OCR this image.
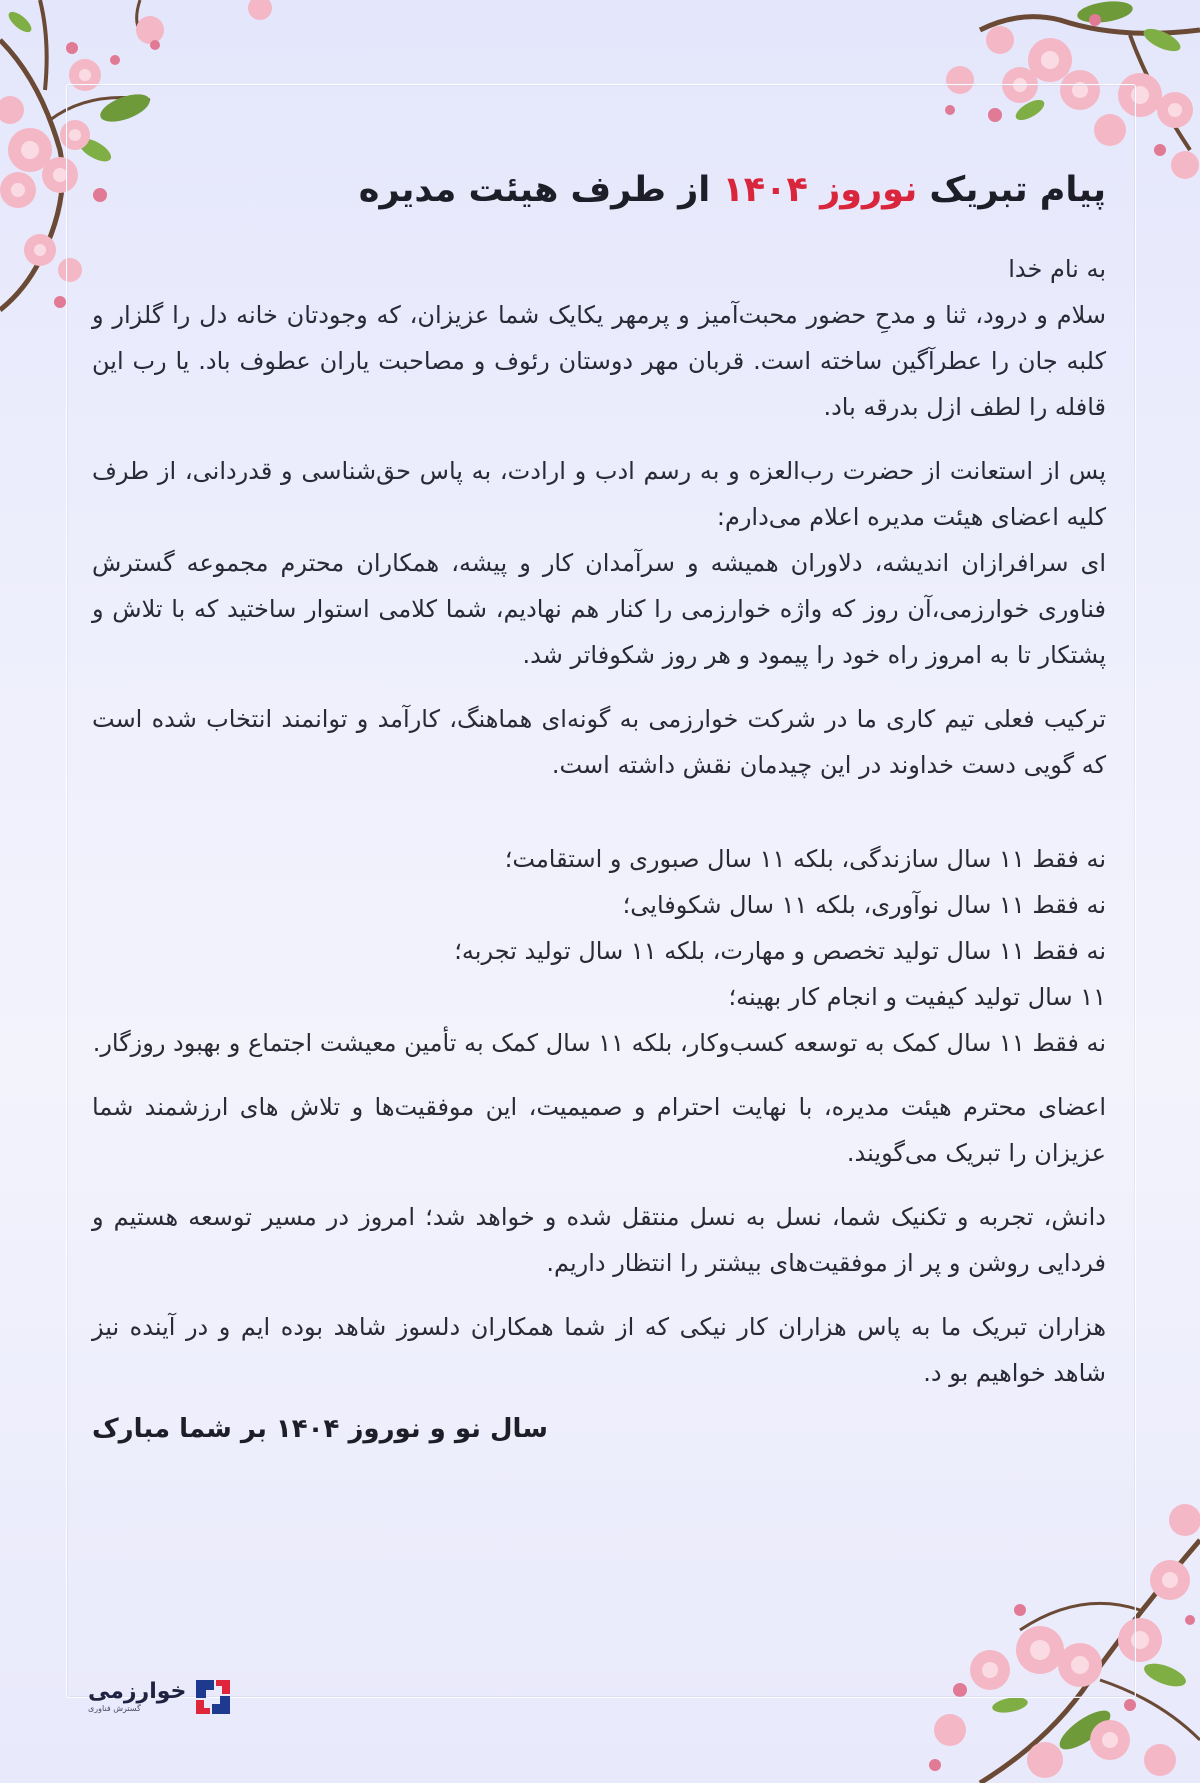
پیام تبریک نوروز ۱۴۰۴ از طرف هیئت مدیره

به نام خدا

سلام و درود، ثنا و مدحِ حضور محبت‌آمیز و پرمهر یکایک شما عزیزان، که وجودتان خانه دل را گلزار و کلبه جان را عطرآگین ساخته است. قربان مهر دوستان رئوف و مصاحبت یاران عطوف باد. یا رب این قافله را لطف ازل بدرقه باد.

پس از استعانت از حضرت رب‌العزه و به رسم ادب و ارادت، به پاس حق‌شناسی و قدردانی، از طرف کلیه اعضای هیئت مدیره اعلام می‌دارم:

ای سرافرازان اندیشه، دلاوران همیشه و سرآمدان کار و پیشه، همکاران محترم مجموعه گسترش فناوری خوارزمی،آن روز که واژه خوارزمی را کنار هم نهادیم، شما کلامی استوار ساختید که با تلاش و پشتکار تا به امروز راه خود را پیمود و هر روز شکوفاتر شد.

ترکیب فعلی تیم کاری ما در شرکت خوارزمی به گونه‌ای هماهنگ، کارآمد و توانمند انتخاب شده است که گویی دست خداوند در این چیدمان نقش داشته است.

نه فقط ۱۱ سال سازندگی، بلکه ۱۱ سال صبوری و استقامت؛

نه فقط ۱۱ سال نوآوری، بلکه ۱۱ سال شکوفایی؛

نه فقط ۱۱ سال تولید تخصص و مهارت، بلکه ۱۱ سال تولید تجربه؛

۱۱ سال تولید کیفیت و انجام کار بهینه؛

نه فقط ۱۱ سال کمک به توسعه کسب‌وکار، بلکه ۱۱ سال کمک به تأمین معیشت اجتماع و بهبود روزگار.

اعضای محترم هیئت مدیره، با نهایت احترام و صمیمیت، این موفقیت‌ها و تلاش های ارزشمند شما عزیزان را تبریک می‌گویند.

دانش، تجربه و تکنیک شما، نسل به نسل منتقل شده و خواهد شد؛ امروز در مسیر توسعه هستیم و فردایی روشن و پر از موفقیت‌های بیشتر را انتظار داریم.

هزاران تبریک ما به پاس هزاران کار نیکی که از شما همکاران دلسوز شاهد بوده ایم و در آینده نیز شاهد خواهیم بو د.

سال نو و نوروز ۱۴۰۴ بر شما مبارک
خوارزمی
گسترش فناوری
